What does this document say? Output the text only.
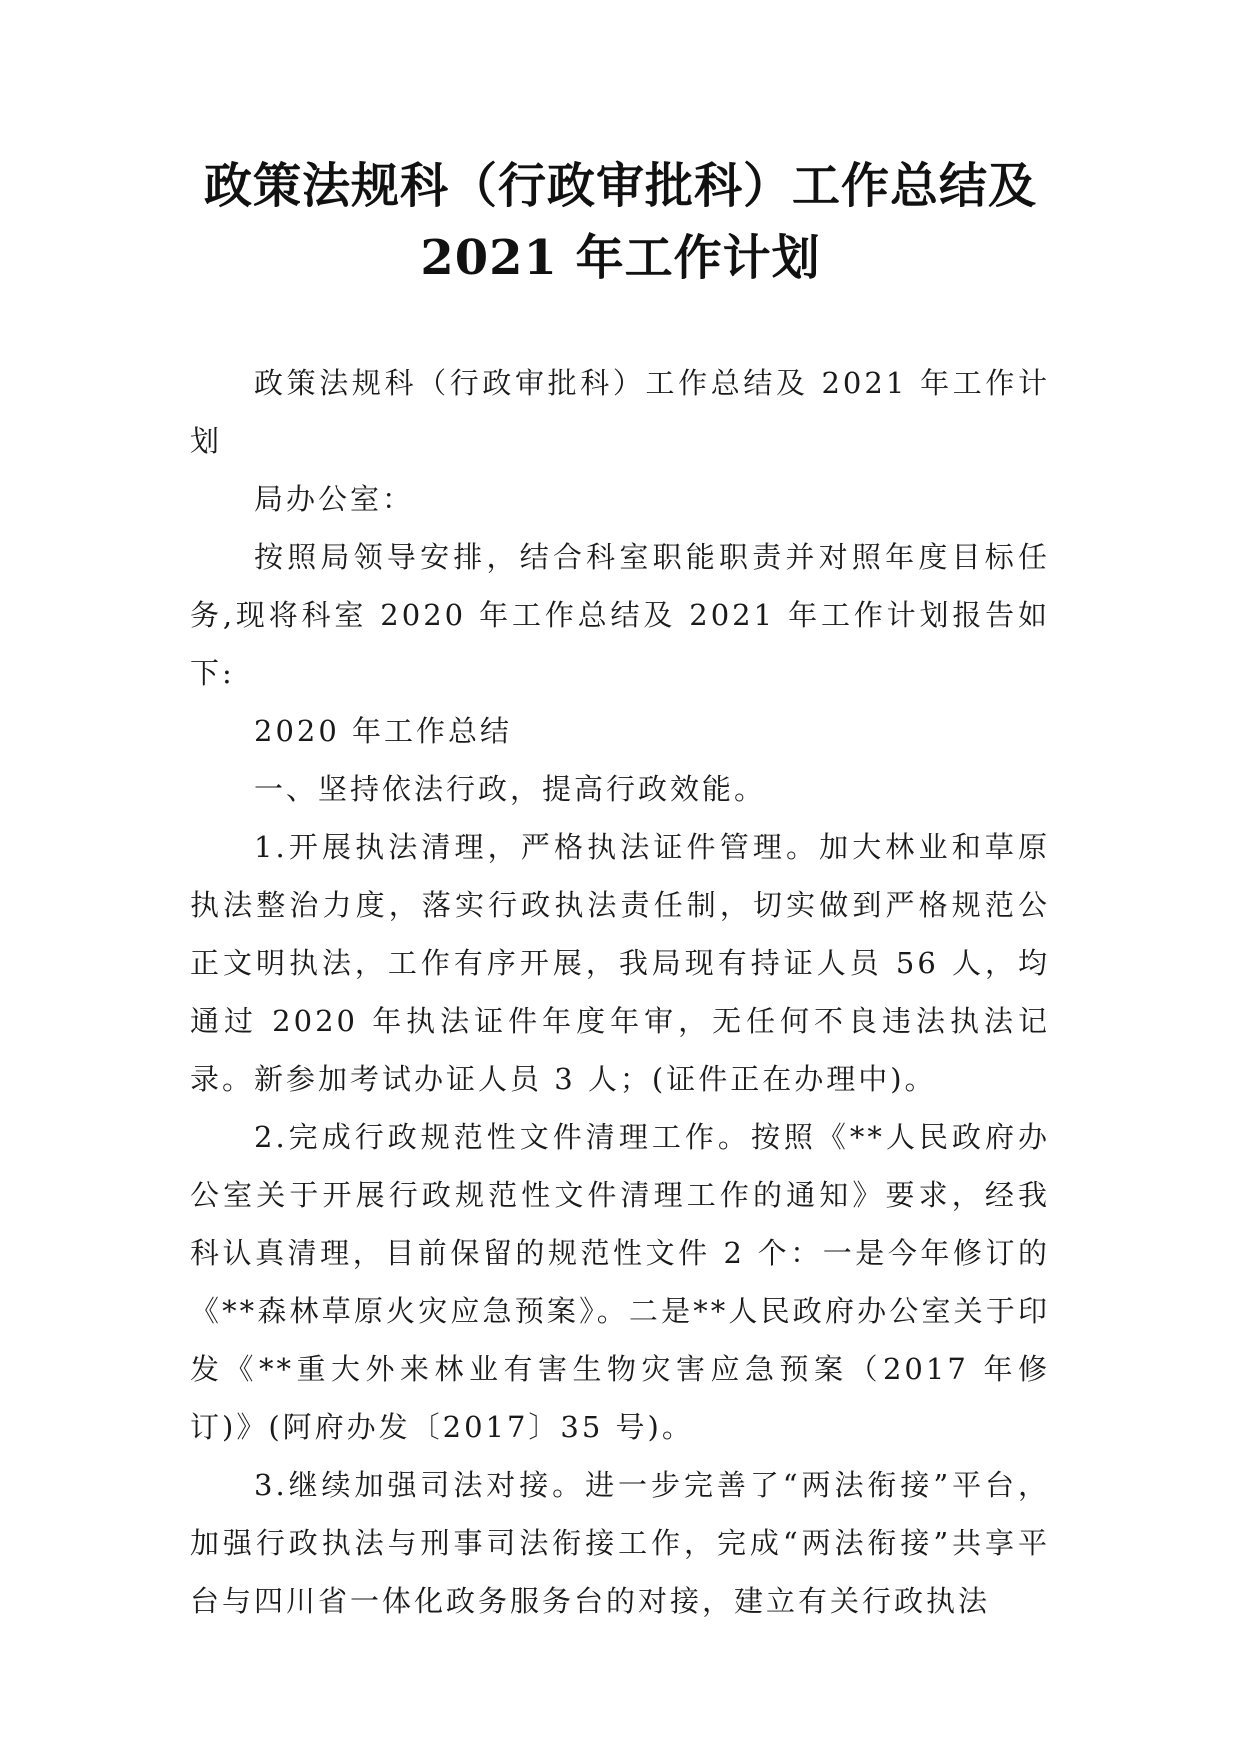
政策法规科（行政审批科）工作总结及 2021 年工作计划

政策法规科（行政审批科）工作总结及 2021 年工作计划

局办公室：

按照局领导安排，结合科室职能职责并对照年度目标任务,现将科室 2020 年工作总结及 2021 年工作计划报告如下:

2020 年工作总结

一、坚持依法行政，提高行政效能。

1.开展执法清理，严格执法证件管理。加大林业和草原执法整治力度，落实行政执法责任制，切实做到严格规范公正文明执法，工作有序开展，我局现有持证人员 56 人，均通过 2020 年执法证件年度年审，无任何不良违法执法记录。新参加考试办证人员 3 人；(证件正在办理中)。

2.完成行政规范性文件清理工作。按照《**人民政府办公室关于开展行政规范性文件清理工作的通知》要求，经我科认真清理，目前保留的规范性文件 2 个：一是今年修订的《**森林草原火灾应急预案》。二是**人民政府办公室关于印发《**重大外来林业有害生物灾害应急预案（2017 年修订)》(阿府办发〔2017〕35 号)。

3.继续加强司法对接。进一步完善了“两法衔接”平台，加强行政执法与刑事司法衔接工作，完成“两法衔接”共享平台与四川省一体化政务服务台的对接，建立有关行政执法
